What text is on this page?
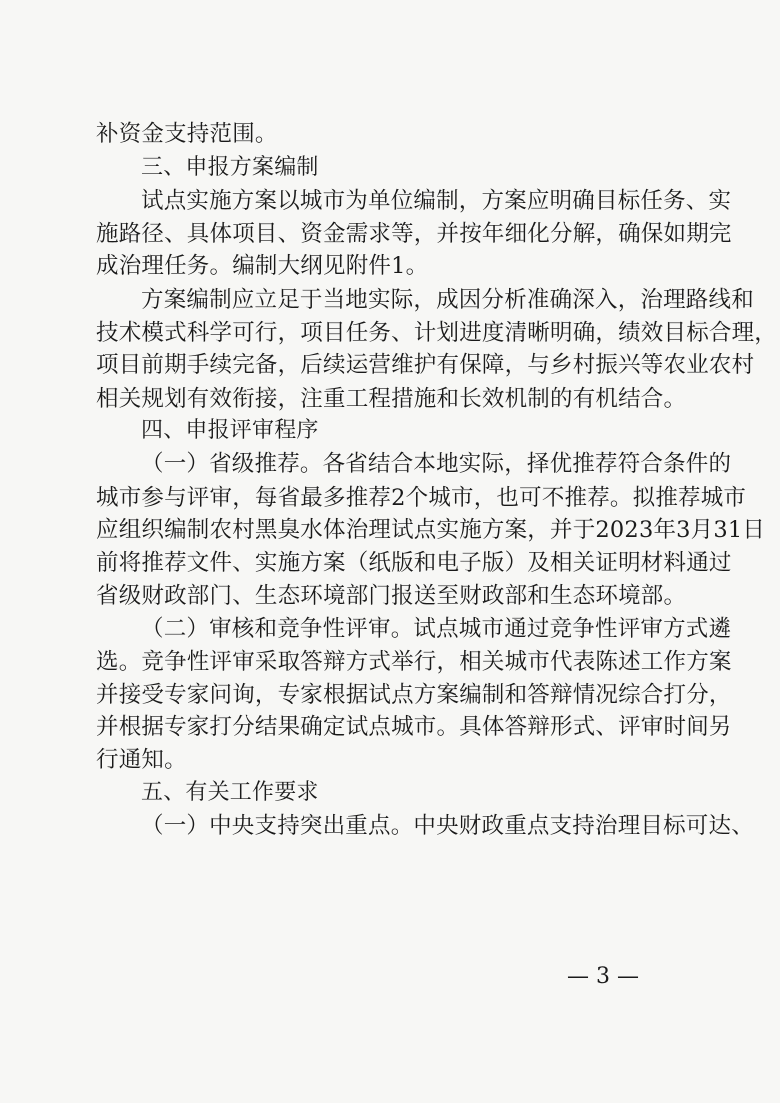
补资金支持范围。
三、申报方案编制
试点实施方案以城市为单位编制，方案应明确目标任务、实
施路径、具体项目、资金需求等，并按年细化分解，确保如期完
成治理任务。编制大纲见附件1。
方案编制应立足于当地实际，成因分析准确深入，治理路线和
技术模式科学可行，项目任务、计划进度清晰明确，绩效目标合理，
项目前期手续完备，后续运营维护有保障，与乡村振兴等农业农村
相关规划有效衔接，注重工程措施和长效机制的有机结合。
四、申报评审程序
（一）省级推荐。各省结合本地实际，择优推荐符合条件的
城市参与评审，每省最多推荐2个城市，也可不推荐。拟推荐城市
应组织编制农村黑臭水体治理试点实施方案，并于2023年3月31日
前将推荐文件、实施方案（纸版和电子版）及相关证明材料通过
省级财政部门、生态环境部门报送至财政部和生态环境部。
（二）审核和竞争性评审。试点城市通过竞争性评审方式遴
选。竞争性评审采取答辩方式举行，相关城市代表陈述工作方案
并接受专家问询，专家根据试点方案编制和答辩情况综合打分，
并根据专家打分结果确定试点城市。具体答辩形式、评审时间另
行通知。
五、有关工作要求
（一）中央支持突出重点。中央财政重点支持治理目标可达、
— 3 —
